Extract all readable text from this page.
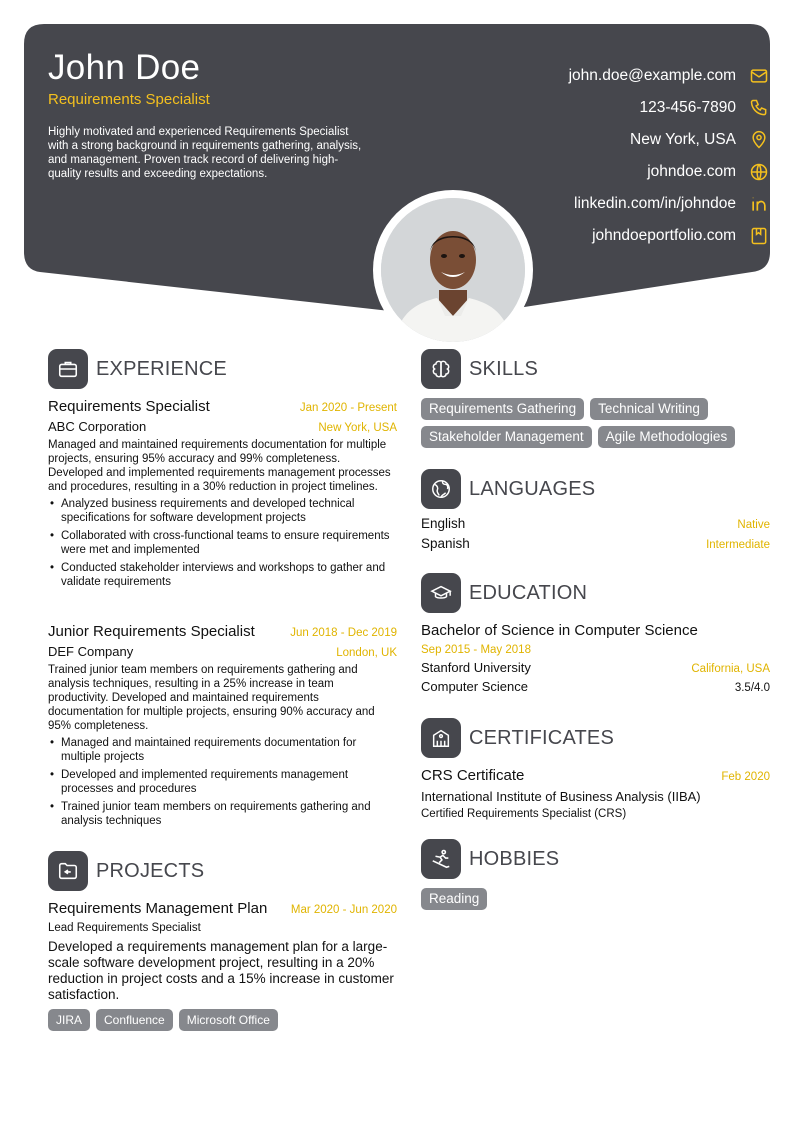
John Doe
Requirements Specialist
Highly motivated and experienced Requirements Specialist with a strong background in requirements gathering, analysis, and management. Proven track record of delivering high-quality results and exceeding expectations.
john.doe@example.com
123-456-7890
New York, USA
johndoe.com
linkedin.com/in/johndoe
johndoeportfolio.com
EXPERIENCE
Requirements Specialist	Jan 2020 - Present
ABC Corporation	New York, USA
Managed and maintained requirements documentation for multiple projects, ensuring 95% accuracy and 99% completeness. Developed and implemented requirements management processes and procedures, resulting in a 30% reduction in project timelines.
• Analyzed business requirements and developed technical specifications for software development projects
• Collaborated with cross-functional teams to ensure requirements were met and implemented
• Conducted stakeholder interviews and workshops to gather and validate requirements
Junior Requirements Specialist	Jun 2018 - Dec 2019
DEF Company	London, UK
Trained junior team members on requirements gathering and analysis techniques, resulting in a 25% increase in team productivity. Developed and maintained requirements documentation for multiple projects, ensuring 90% accuracy and 95% completeness.
• Managed and maintained requirements documentation for multiple projects
• Developed and implemented requirements management processes and procedures
• Trained junior team members on requirements gathering and analysis techniques
PROJECTS
Requirements Management Plan Mar 2020 - Jun 2020
Lead Requirements Specialist
Developed a requirements management plan for a large-scale software development project, resulting in a 20% reduction in project costs and a 15% increase in customer satisfaction.
JIRA Confluence Microsoft Office
SKILLS
Requirements Gathering Technical Writing
Stakeholder Management Agile Methodologies
LANGUAGES
English	Native
Spanish	Intermediate
EDUCATION
Bachelor of Science in Computer Science
Sep 2015 - May 2018
Stanford University	California, USA
Computer Science	3.5/4.0
CERTIFICATES
CRS Certificate	Feb 2020
International Institute of Business Analysis (IIBA)
Certified Requirements Specialist (CRS)
HOBBIES
Reading
